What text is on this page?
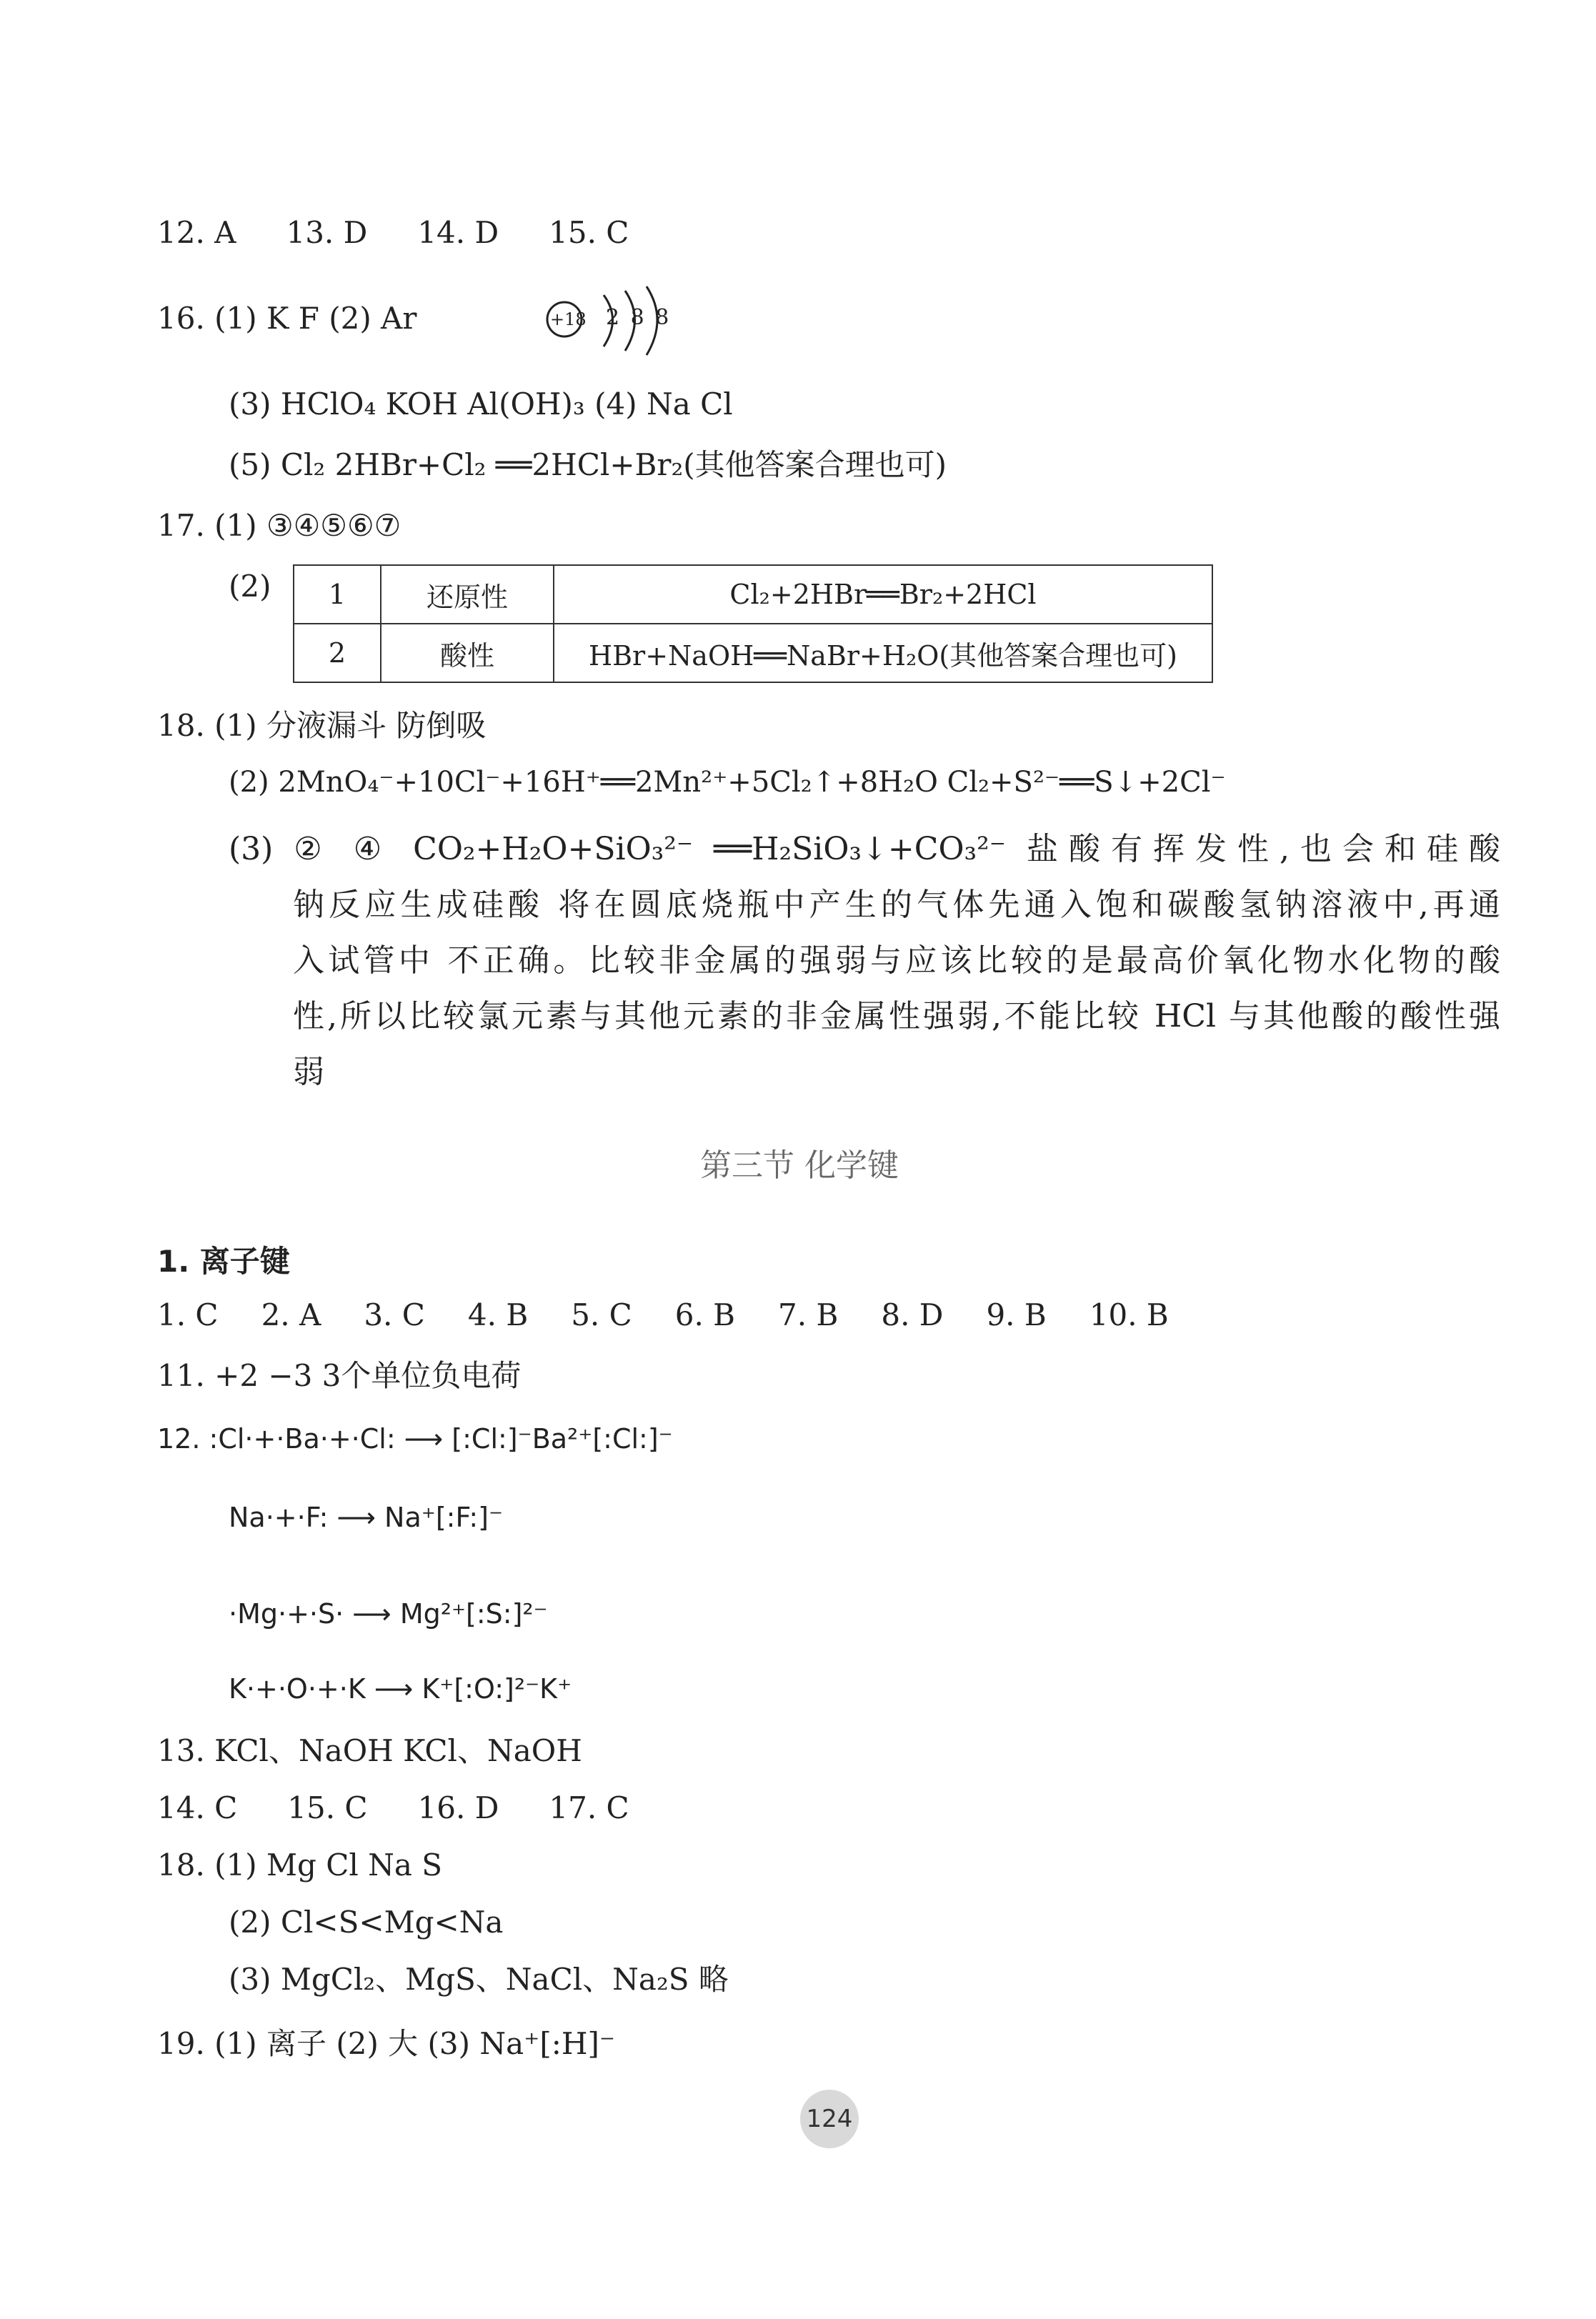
12. A 13. D 14. D 15. C
16. (1) K F (2) Ar	+18 2 8 8
(3) HClO₄ KOH Al(OH)₃ (4) Na Cl
(5) Cl₂ 2HBr+Cl₂ ══2HCl+Br₂(其他答案合理也可)
17. (1) ③④⑤⑥⑦
(2) 1	还原性	Cl₂+2HBr══Br₂+2HCl
2	酸性	HBr+NaOH══NaBr+H₂O(其他答案合理也可)
18. (1) 分液漏斗 防倒吸
(2) 2MnO₄⁻+10Cl⁻+16H⁺══2Mn²⁺+5Cl₂↑+8H₂O Cl₂+S²⁻══S↓+2Cl⁻
(3) ② ④ CO₂+H₂O+SiO₃²⁻ ══H₂SiO₃↓+CO₃²⁻ 盐酸有挥发性,也会和硅酸
钠反应生成硅酸 将在圆底烧瓶中产生的气体先通入饱和碳酸氢钠溶液中,再通
入试管中 不正确。比较非金属的强弱与应该比较的是最高价氧化物水化物的酸
性,所以比较氯元素与其他元素的非金属性强弱,不能比较 HCl 与其他酸的酸性强
弱
第三节 化学键
1. 离子键
1. C 2. A 3. C 4. B 5. C 6. B 7. B 8. D 9. B 10. B
11. +2 −3 3个单位负电荷
12. :Cl·+·Ba·+·Cl: ⟶ [:Cl:]⁻Ba²⁺[:Cl:]⁻
Na·+·F: ⟶ Na⁺[:F:]⁻
·Mg·+·S· ⟶ Mg²⁺[:S:]²⁻
K·+·O·+·K ⟶ K⁺[:O:]²⁻K⁺
13. KCl、NaOH KCl、NaOH
14. C 15. C 16. D 17. C
18. (1) Mg Cl Na S
(2) Cl<S<Mg<Na
(3) MgCl₂、MgS、NaCl、Na₂S 略
19. (1) 离子 (2) 大 (3) Na⁺[:H]⁻
124
